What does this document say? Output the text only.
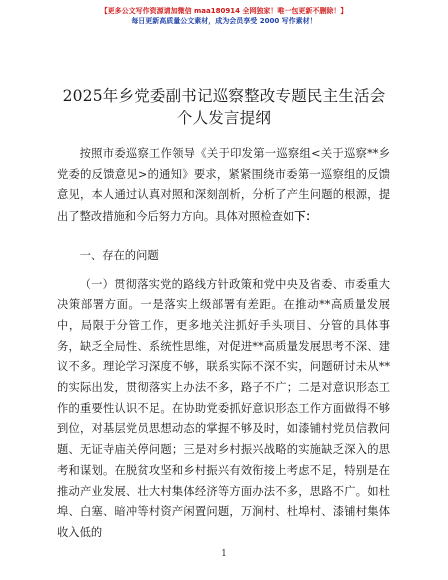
【更多公文写作资源请加微信 maa180914 全网独家！唯一包更新不删除！】
每日更新高质量公文素材，成为会员享受 2000 写作素材！
2025年乡党委副书记巡察整改专题民主生活会
个人发言提纲

按照市委巡察工作领导《关于印发第一巡察组<关于巡察**乡党委的反馈意见>的通知》要求，紧紧围绕市委第一巡察组的反馈意见，本人通过认真对照和深刻剖析，分析了产生问题的根源，提出了整改措施和今后努力方向。具体对照检查如下：

一、存在的问题

（一）贯彻落实党的路线方针政策和党中央及省委、市委重大决策部署方面。一是落实上级部署有差距。在推动**高质量发展中，局限于分管工作，更多地关注抓好手头项目、分管的具体事务，缺乏全局性、系统性思维，对促进**高质量发展思考不深、建议不多。理论学习深度不够，联系实际不深不实，问题研讨未从**的实际出发，贯彻落实上办法不多，路子不广；二是对意识形态工作的重要性认识不足。在协助党委抓好意识形态工作方面做得不够到位，对基层党员思想动态的掌握不够及时，如漆铺村党员信教问题、无证寺庙关停问题；三是对乡村振兴战略的实施缺乏深入的思考和谋划。在脱贫攻坚和乡村振兴有效衔接上考虑不足，特别是在推动产业发展、壮大村集体经济等方面办法不多，思路不广。如杜埠、白塞、暗冲等村资产闲置问题，万涧村、杜埠村、漆铺村集体收入低的

1
